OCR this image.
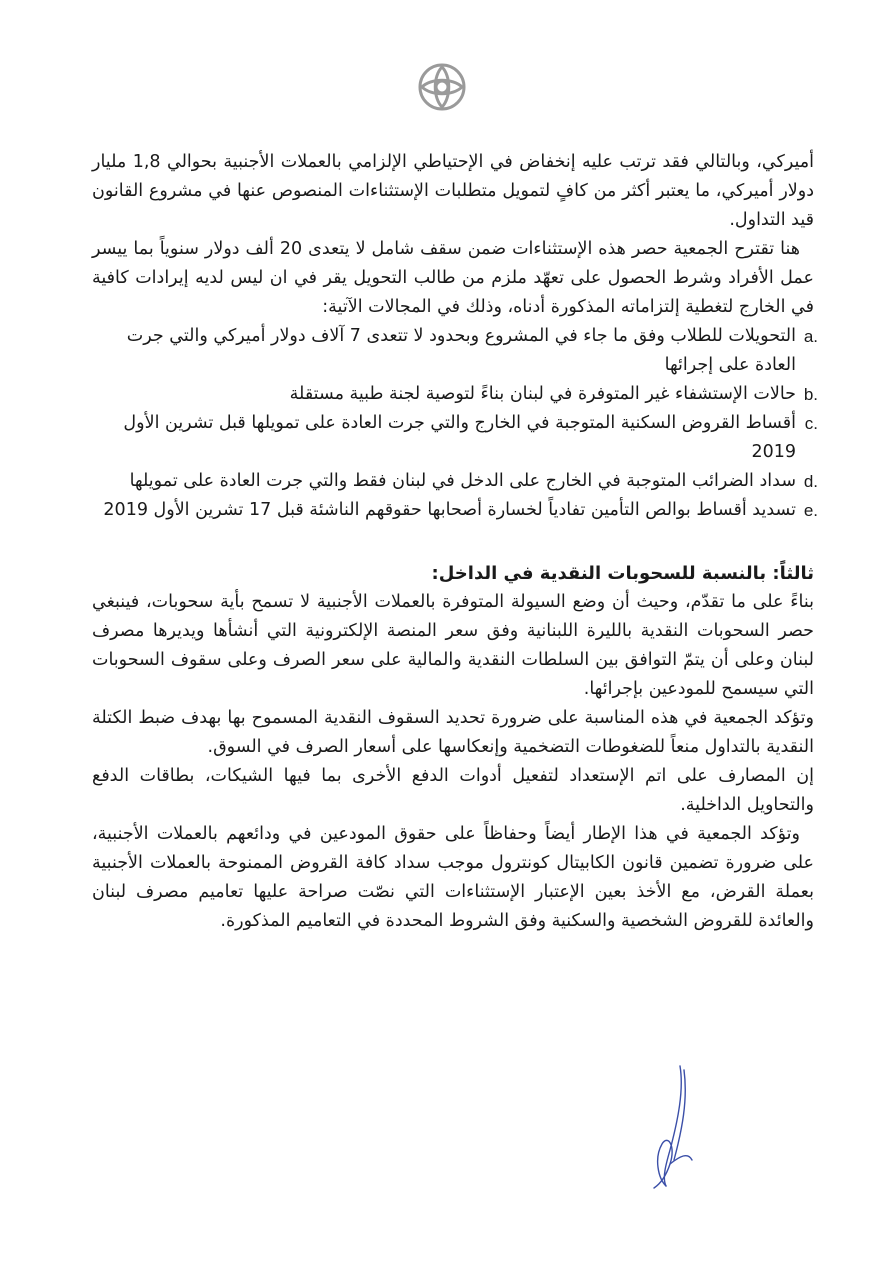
أميركي، وبالتالي فقد ترتب عليه إنخفاض في الإحتياطي الإلزامي بالعملات الأجنبية بحوالي 1,8 مليار دولار أميركي، ما يعتبر أكثر من كافٍ لتمويل متطلبات الإستثناءات المنصوص عنها في مشروع القانون قيد التداول.

هنا تقترح الجمعية حصر هذه الإستثناءات ضمن سقف شامل لا يتعدى 20 ألف دولار سنوياً بما ييسر عمل الأفراد وشرط الحصول على تعهّد ملزم من طالب التحويل يقر في ان ليس لديه إيرادات كافية في الخارج لتغطية إلتزاماته المذكورة أدناه، وذلك في المجالات الآتية:

a.
التحويلات للطلاب وفق ما جاء في المشروع وبحدود لا تتعدى 7 آلاف دولار أميركي والتي جرت العادة على إجرائها
b.
حالات الإستشفاء غير المتوفرة في لبنان بناءً لتوصية لجنة طبية مستقلة
c.
أقساط القروض السكنية المتوجبة في الخارج والتي جرت العادة على تمويلها قبل تشرين الأول 2019
d.
سداد الضرائب المتوجبة في الخارج على الدخل في لبنان فقط والتي جرت العادة على تمويلها
e.
تسديد أقساط بوالص التأمين تفادياً لخسارة أصحابها حقوقهم الناشئة قبل 17 تشرين الأول 2019

ثالثاً: بالنسبة للسحوبات النقدية في الداخل:

بناءً على ما تقدّم، وحيث أن وضع السيولة المتوفرة بالعملات الأجنبية لا تسمح بأية سحوبات، فينبغي حصر السحوبات النقدية بالليرة اللبنانية وفق سعر المنصة الإلكترونية التي أنشأها ويديرها مصرف لبنان وعلى أن يتمّ التوافق بين السلطات النقدية والمالية على سعر الصرف وعلى سقوف السحوبات التي سيسمح للمودعين بإجرائها.

وتؤكد الجمعية في هذه المناسبة على ضرورة تحديد السقوف النقدية المسموح بها بهدف ضبط الكتلة النقدية بالتداول منعاً للضغوطات التضخمية وإنعكاسها على أسعار الصرف في السوق.

إن المصارف على اتم الإستعداد لتفعيل أدوات الدفع الأخرى بما فيها الشيكات، بطاقات الدفع والتحاويل الداخلية.

وتؤكد الجمعية في هذا الإطار أيضاً وحفاظاً على حقوق المودعين في ودائعهم بالعملات الأجنبية، على ضرورة تضمين قانون الكابيتال كونترول موجب سداد كافة القروض الممنوحة بالعملات الأجنبية بعملة القرض، مع الأخذ بعين الإعتبار الإستثناءات التي نصّت صراحة عليها تعاميم مصرف لبنان والعائدة للقروض الشخصية والسكنية وفق الشروط المحددة في التعاميم المذكورة.
